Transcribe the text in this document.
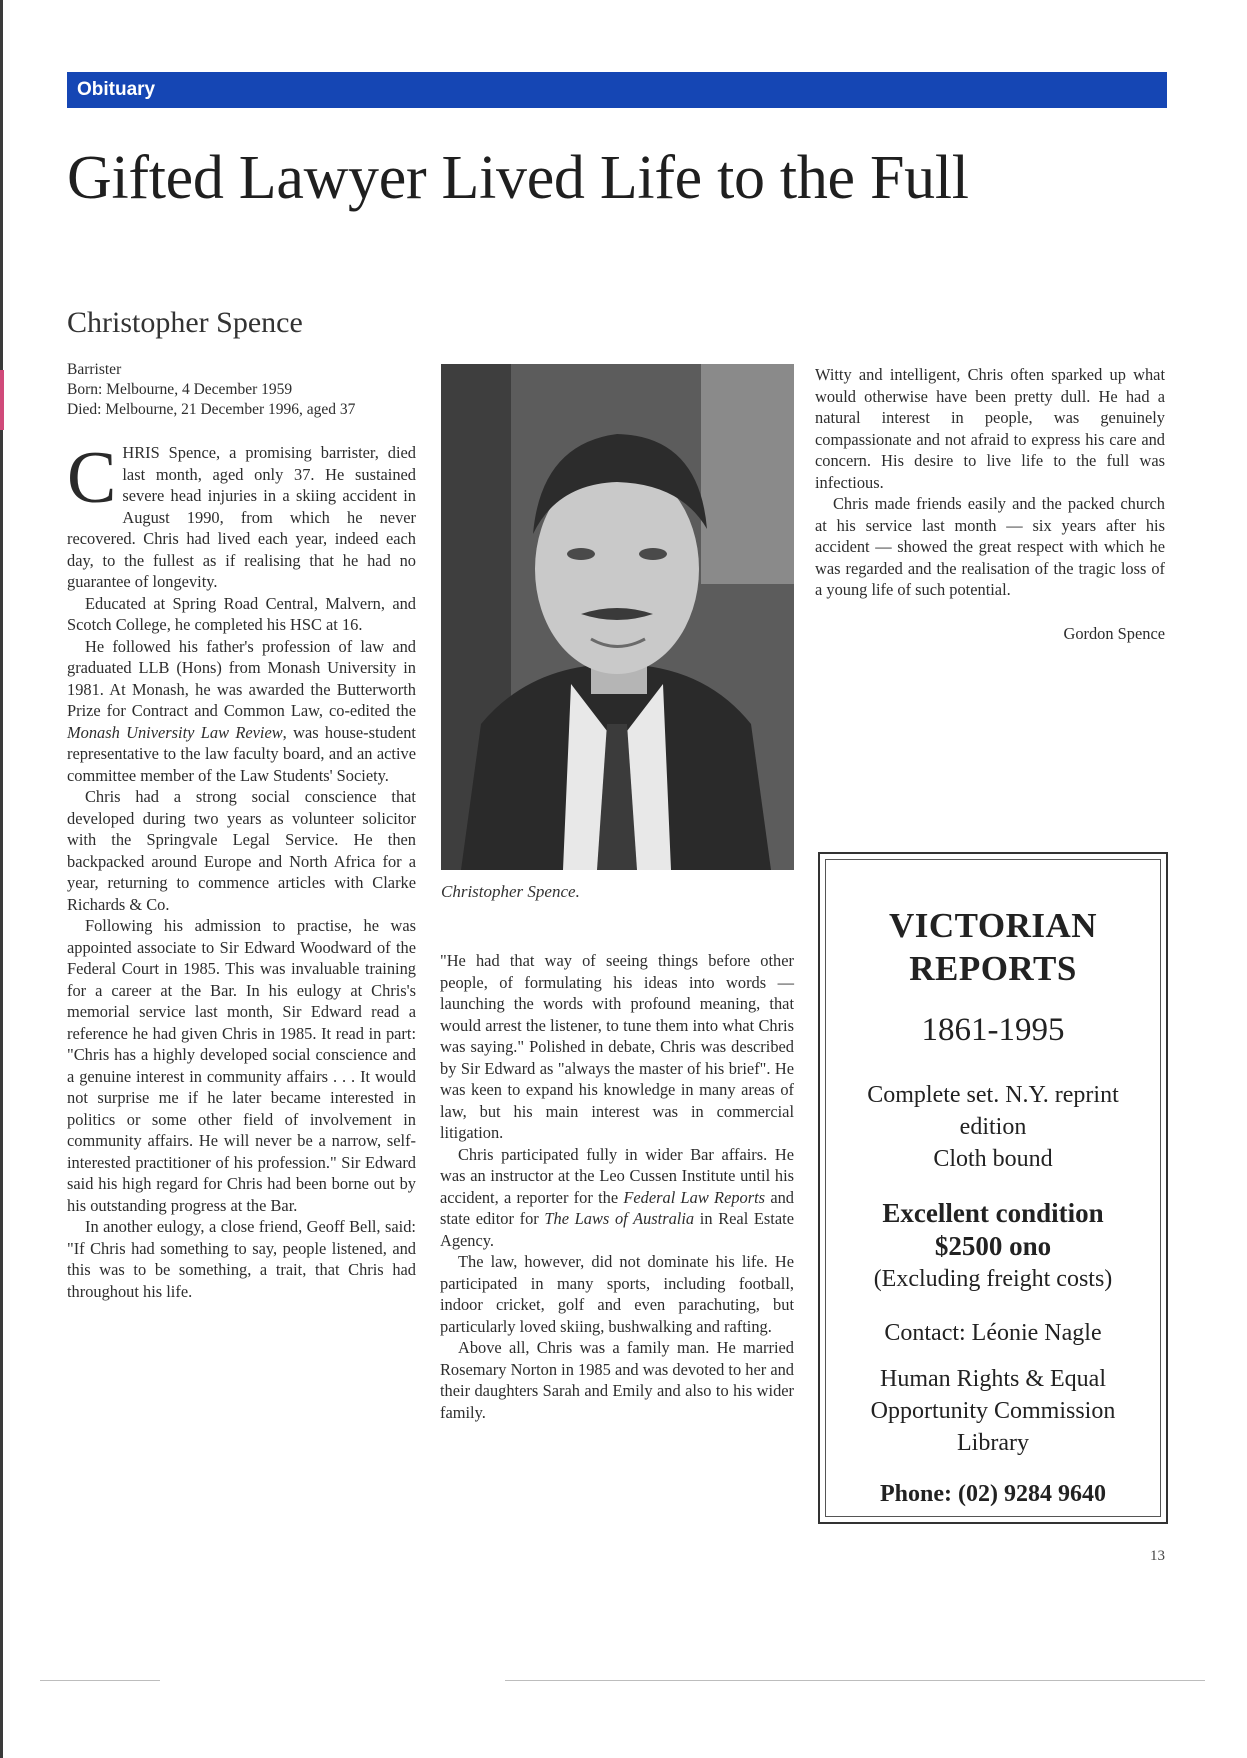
Obituary
Gifted Lawyer Lived Life to the Full
Christopher Spence
Barrister
Born: Melbourne, 4 December 1959
Died: Melbourne, 21 December 1996, aged 37

CHRIS Spence, a promising barrister, died last month, aged only 37. He sustained severe head injuries in a skiing accident in August 1990, from which he never recovered. Chris had lived each year, indeed each day, to the fullest as if realising that he had no guarantee of longevity.

Educated at Spring Road Central, Malvern, and Scotch College, he completed his HSC at 16.

He followed his father's profession of law and graduated LLB (Hons) from Monash University in 1981. At Monash, he was awarded the Butterworth Prize for Contract and Common Law, co-edited the Monash University Law Review, was house-student representative to the law faculty board, and an active committee member of the Law Students' Society.

Chris had a strong social conscience that developed during two years as volunteer solicitor with the Springvale Legal Service. He then backpacked around Europe and North Africa for a year, returning to commence articles with Clarke Richards & Co.

Following his admission to practise, he was appointed associate to Sir Edward Woodward of the Federal Court in 1985. This was invaluable training for a career at the Bar. In his eulogy at Chris's memorial service last month, Sir Edward read a reference he had given Chris in 1985. It read in part: "Chris has a highly developed social conscience and a genuine interest in community affairs . . . It would not surprise me if he later became interested in politics or some other field of involvement in community affairs. He will never be a narrow, self-interested practitioner of his profession." Sir Edward said his high regard for Chris had been borne out by his outstanding progress at the Bar.

In another eulogy, a close friend, Geoff Bell, said: "If Chris had something to say, people listened, and this was to be something, a trait, that Chris had throughout his life.

Christopher Spence.

"He had that way of seeing things before other people, of formulating his ideas into words — launching the words with profound meaning, that would arrest the listener, to tune them into what Chris was saying." Polished in debate, Chris was described by Sir Edward as "always the master of his brief". He was keen to expand his knowledge in many areas of law, but his main interest was in commercial litigation.

Chris participated fully in wider Bar affairs. He was an instructor at the Leo Cussen Institute until his accident, a reporter for the Federal Law Reports and state editor for The Laws of Australia in Real Estate Agency.

The law, however, did not dominate his life. He participated in many sports, including football, indoor cricket, golf and even parachuting, but particularly loved skiing, bushwalking and rafting.

Above all, Chris was a family man. He married Rosemary Norton in 1985 and was devoted to her and their daughters Sarah and Emily and also to his wider family.

Witty and intelligent, Chris often sparked up what would otherwise have been pretty dull. He had a natural interest in people, was genuinely compassionate and not afraid to express his care and concern. His desire to live life to the full was infectious.

Chris made friends easily and the packed church at his service last month — six years after his accident — showed the great respect with which he was regarded and the realisation of the tragic loss of a young life of such potential.

Gordon Spence
VICTORIAN
REPORTS
1861-1995
Complete set. N.Y. reprint
edition
Cloth bound
Excellent condition
$2500 ono
(Excluding freight costs)
Contact: Léonie Nagle
Human Rights & Equal
Opportunity Commission
Library
Phone: (02) 9284 9640
13
